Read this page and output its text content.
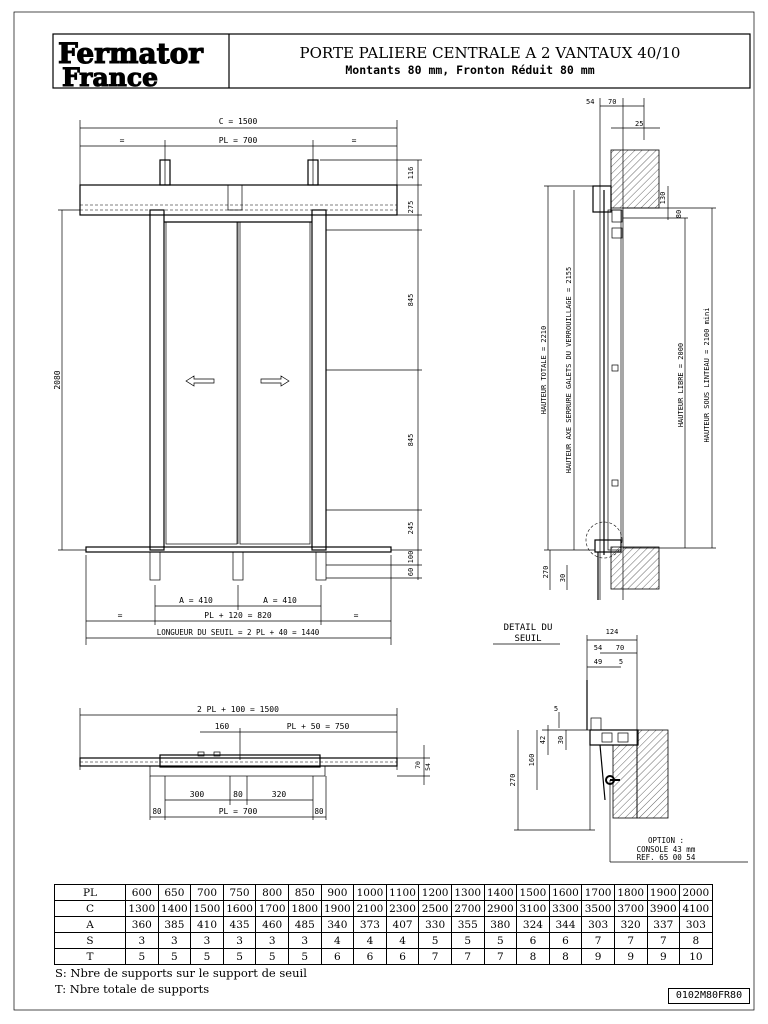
Fermator
France
PORTE PALIERE CENTRALE A 2 VANTAUX 40/10
Montants 80 mm, Fronton Réduit 80 mm
C = 1500
=	PL = 700	=
2080
116
275
845
845
245
100
60
A = 410	A = 410
=	PL + 120 = 820	=
LONGUEUR DU SEUIL = 2 PL + 40 = 1440
54 70
25
HAUTEUR TOTALE = 2210 HAUTEUR AXE SERRURE GALETS DU VERROUILLAGE = 2155	HAUTEUR LIBRE = 2000	HAUTEUR SOUS LINTEAU = 2100 mini
130
80
270 30
2 PL + 100 = 1500
160	PL + 50 = 750
300	80	320
80	PL = 700	80
70 54
DETAIL DU
SEUIL
124
54 70
49 5
5
42 30
160
270
OPTION :
CONSOLE 43 mm
REF. 65 00 54
PL	600	650	700	750	800	850	900	1000	1100	1200	1300	1400	1500	1600	1700	1800	1900	2000
C	1300	1400	1500	1600	1700	1800	1900	2100	2300	2500	2700	2900	3100	3300	3500	3700	3900	4100
A	360	385	410	435	460	485	340	373	407	330	355	380	324	344	303	320	337	303
S	3	3	3	3	3	3	4	4	4	5	5	5	6	6	7	7	7	8
T	5	5	5	5	5	5	6	6	6	7	7	7	8	8	9	9	9	10
S: Nbre de supports sur le support de seuil
T: Nbre totale de supports	0102M80FR80
